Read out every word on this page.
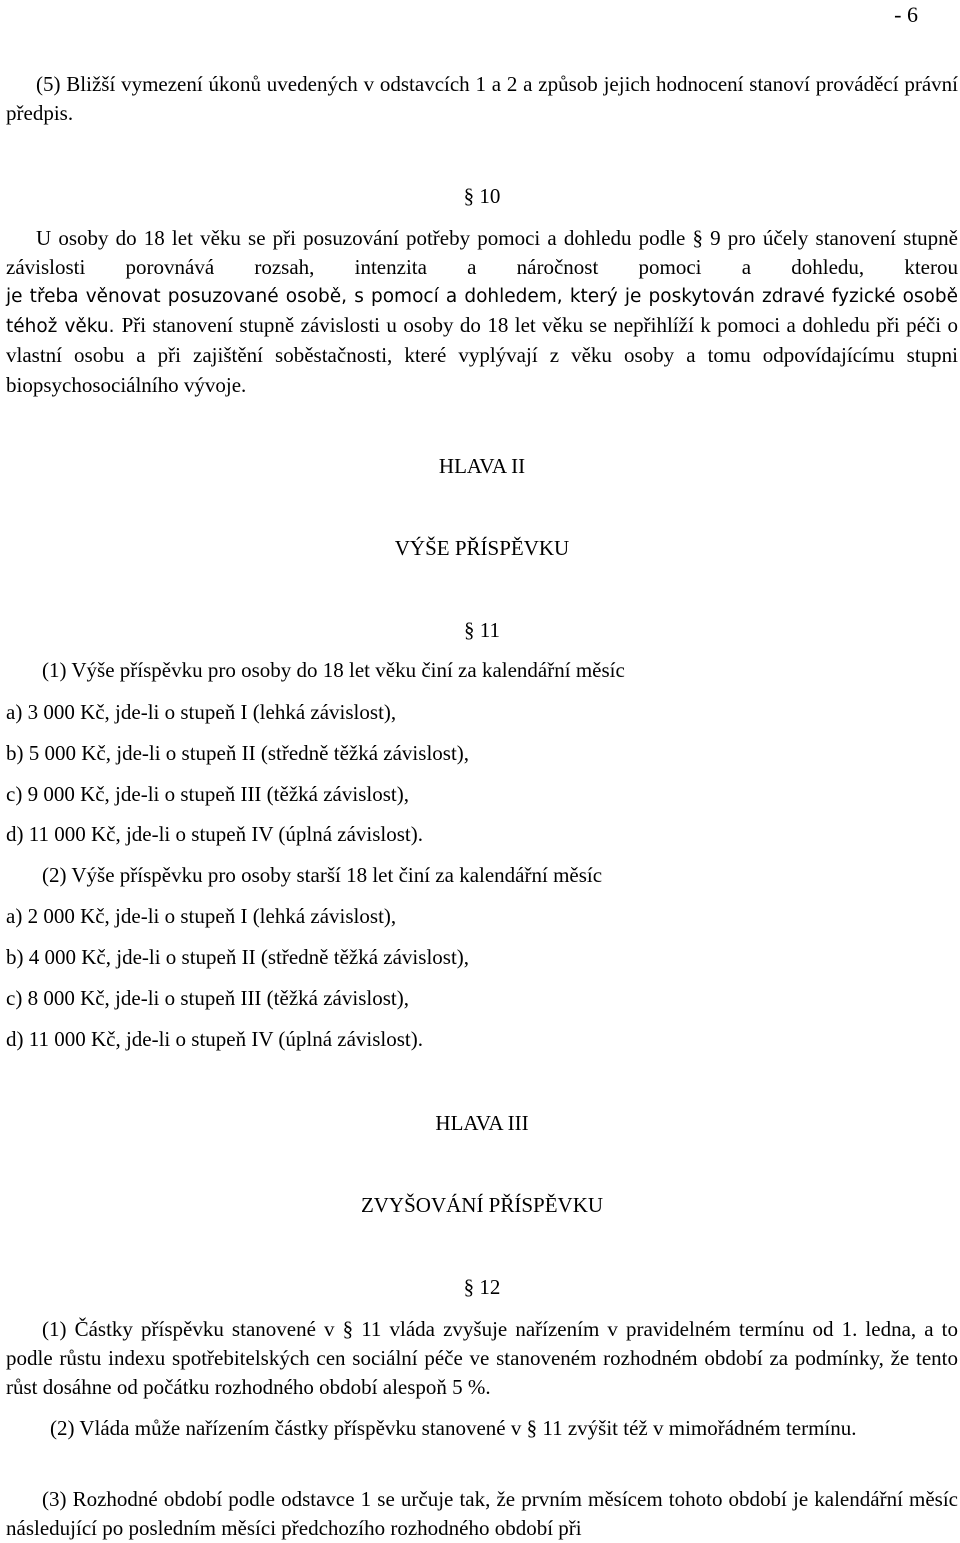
- 6
(5) Bližší vymezení úkonů uvedených v odstavcích 1 a 2 a způsob jejich hodnocení stanoví prováděcí právní předpis.
§ 10
U osoby do 18 let věku se při posuzování potřeby pomoci a dohledu podle § 9 pro účely stanovení stupně závislosti porovnává rozsah, intenzita a náročnost pomoci a dohledu, kterou
je třeba věnovat posuzované osobě, s pomocí a dohledem, který je poskytován zdravé fyzické osobě téhož věku. Při stanovení stupně závislosti u osoby do 18 let věku se nepřihlíží k pomoci a dohledu při péči o vlastní osobu a při zajištění soběstačnosti, které vyplývají z věku osoby a tomu odpovídajícímu stupni biopsychosociálního vývoje.
HLAVA II
VÝŠE PŘÍSPĚVKU
§ 11
(1) Výše příspěvku pro osoby do 18 let věku činí za kalendářní měsíc
a) 3 000 Kč, jde-li o stupeň I (lehká závislost),
b) 5 000 Kč, jde-li o stupeň II (středně těžká závislost),
c) 9 000 Kč, jde-li o stupeň III (těžká závislost),
d) 11 000 Kč, jde-li o stupeň IV (úplná závislost).
(2) Výše příspěvku pro osoby starší 18 let činí za kalendářní měsíc
a) 2 000 Kč, jde-li o stupeň I (lehká závislost),
b) 4 000 Kč, jde-li o stupeň II (středně těžká závislost),
c) 8 000 Kč, jde-li o stupeň III (těžká závislost),
d) 11 000 Kč, jde-li o stupeň IV (úplná závislost).
HLAVA III
ZVYŠOVÁNÍ PŘÍSPĚVKU
§ 12
(1) Částky příspěvku stanovené v § 11 vláda zvyšuje nařízením v pravidelném termínu od 1. ledna, a to podle růstu indexu spotřebitelských cen sociální péče ve stanoveném rozhodném období za podmínky, že tento růst dosáhne od počátku rozhodného období alespoň 5 %.
(2) Vláda může nařízením částky příspěvku stanovené v § 11 zvýšit též v mimořádném termínu.
(3) Rozhodné období podle odstavce 1 se určuje tak, že prvním měsícem tohoto období je kalendářní měsíc následující po posledním měsíci předchozího rozhodného období při
